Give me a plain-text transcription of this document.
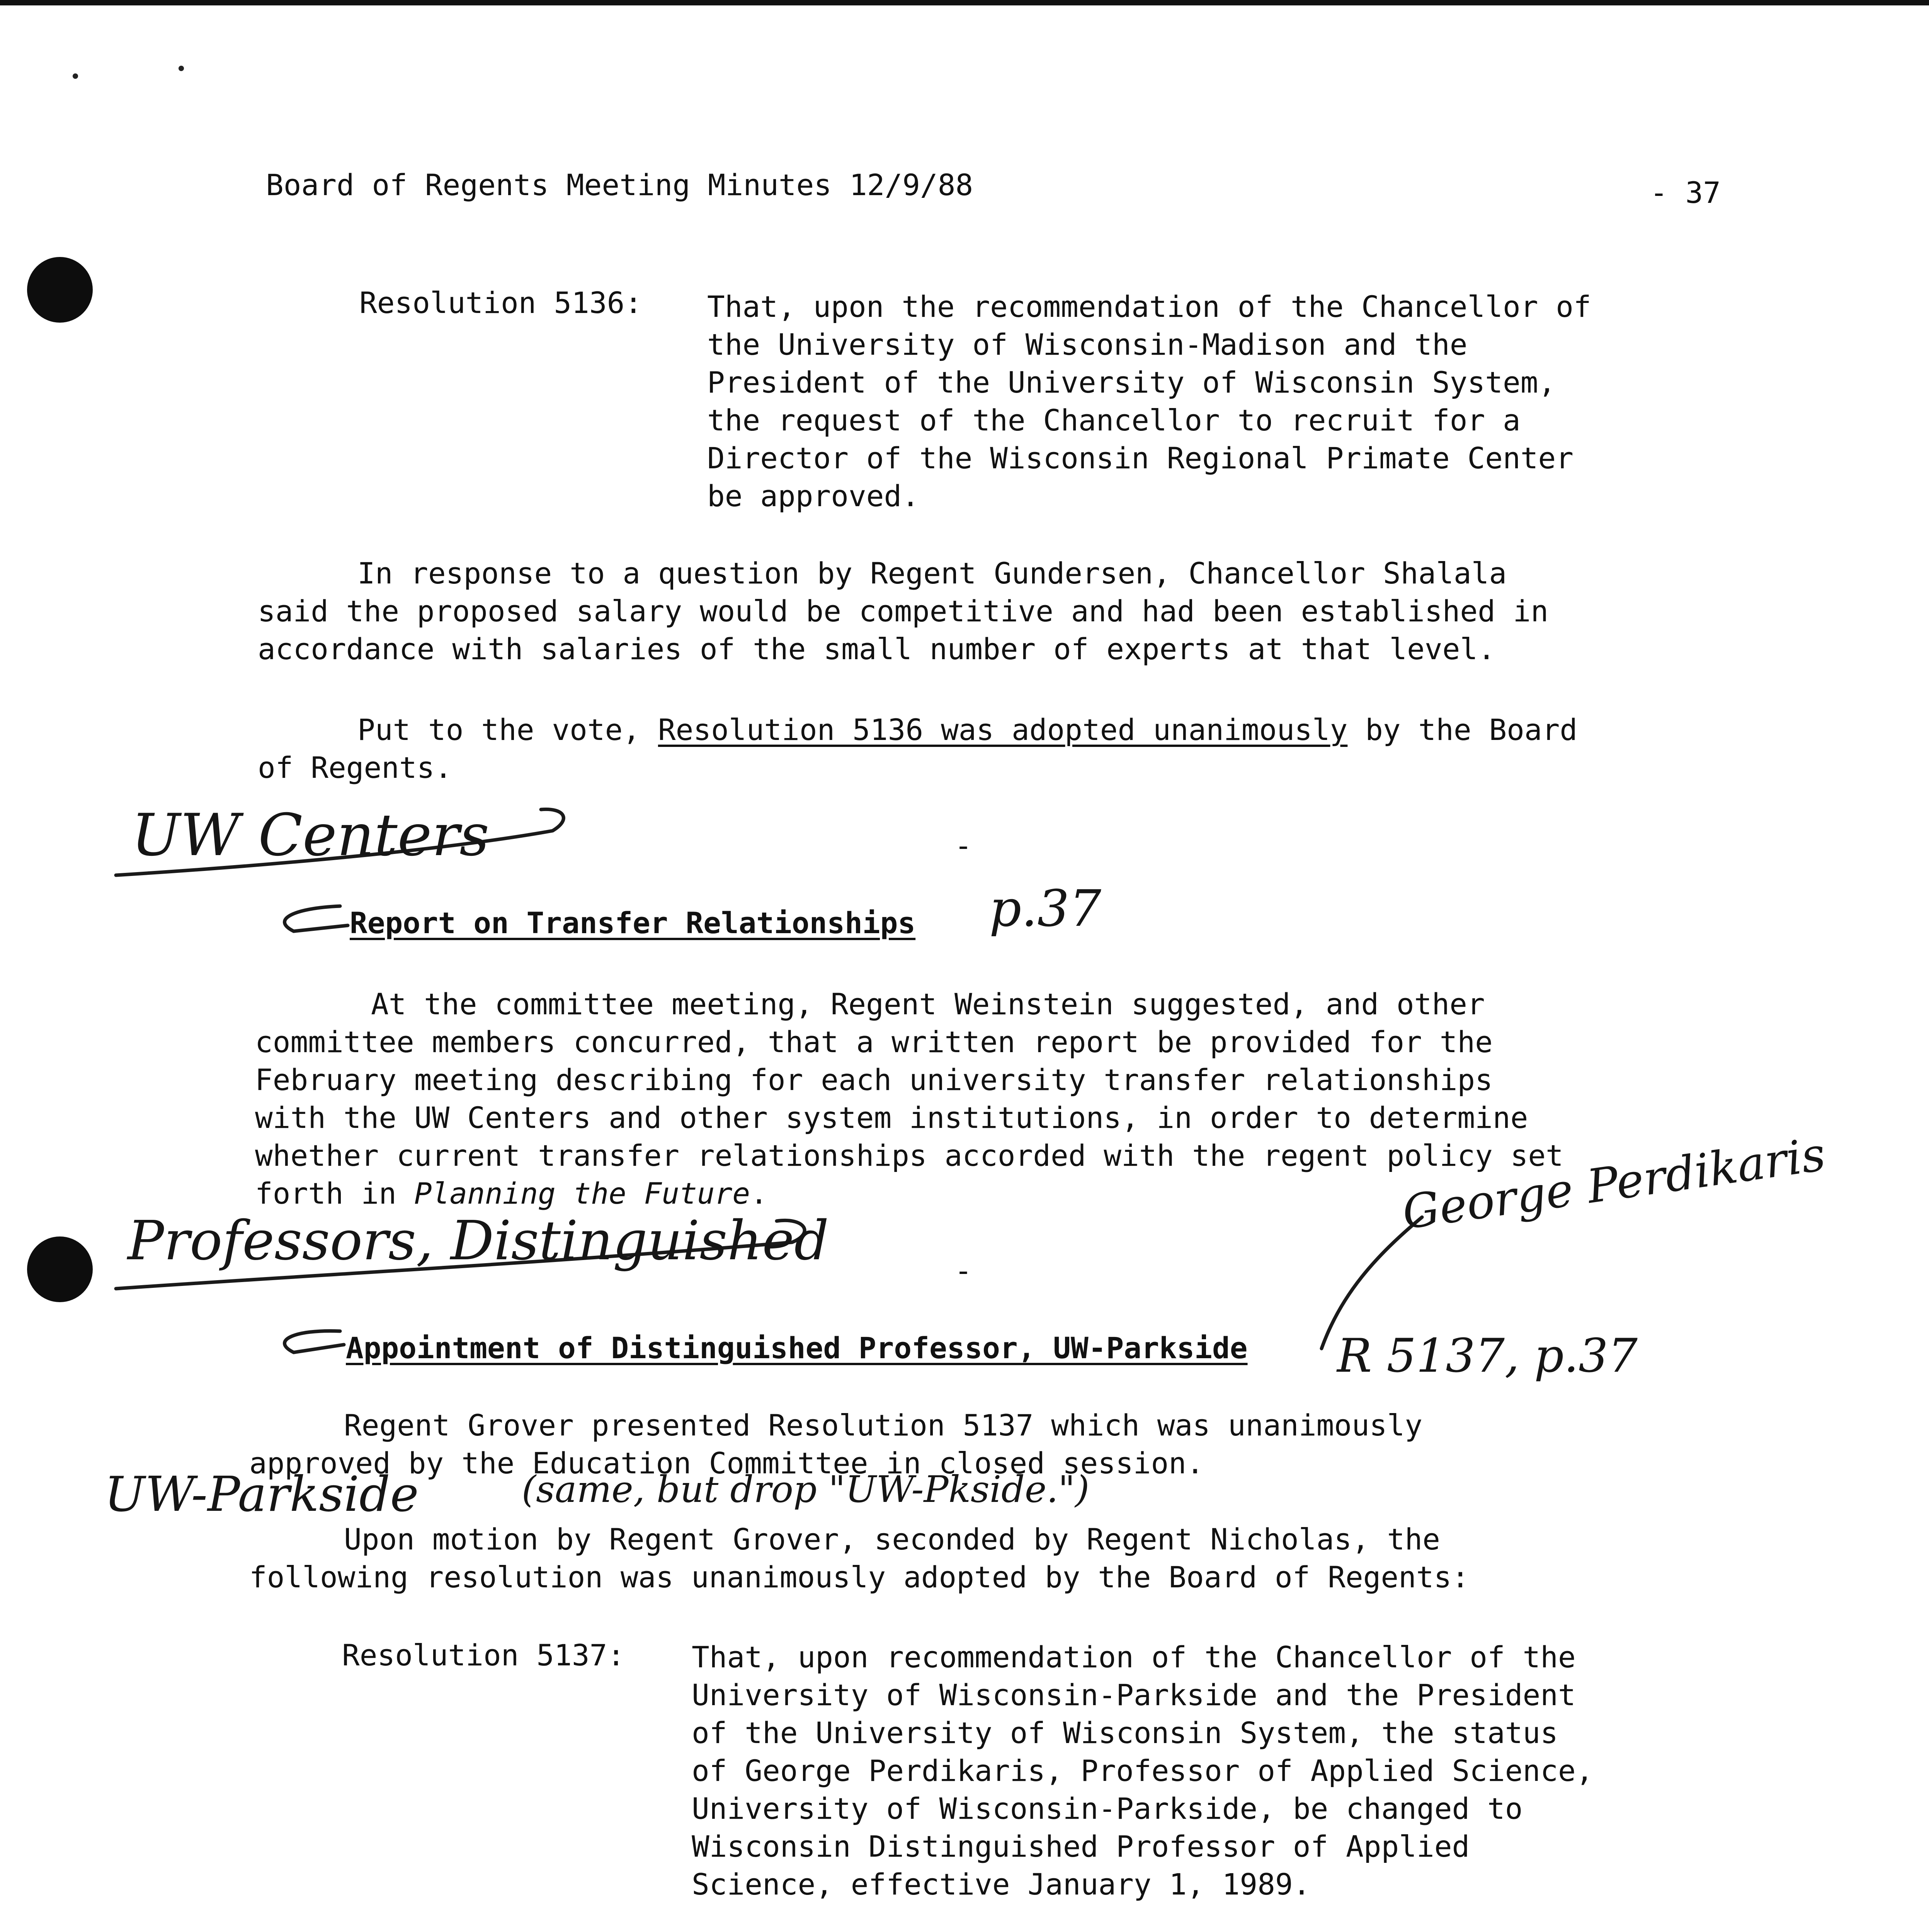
Board of Regents Meeting Minutes 12/9/88	- 37
Resolution 5136: That, upon the recommendation of the Chancellor of
the University of Wisconsin-Madison and the
President of the University of Wisconsin System,
the request of the Chancellor to recruit for a
Director of the Wisconsin Regional Primate Center
be approved.
In response to a question by Regent Gundersen, Chancellor Shalala
said the proposed salary would be competitive and had been established in
accordance with salaries of the small number of experts at that level.
Put to the vote, Resolution 5136 was adopted unanimously by the Board
of Regents.
-
Report on Transfer Relationships
At the committee meeting, Regent Weinstein suggested, and other
committee members concurred, that a written report be provided for the
February meeting describing for each university transfer relationships
with the UW Centers and other system institutions, in order to determine
whether current transfer relationships accorded with the regent policy set
forth in Planning the Future.
-
Appointment of Distinguished Professor, UW-Parkside
Regent Grover presented Resolution 5137 which was unanimously
approved by the Education Committee in closed session.
Upon motion by Regent Grover, seconded by Regent Nicholas, the
following resolution was unanimously adopted by the Board of Regents:
Resolution 5137: That, upon recommendation of the Chancellor of the
University of Wisconsin-Parkside and the President
of the University of Wisconsin System, the status
of George Perdikaris, Professor of Applied Science,
University of Wisconsin-Parkside, be changed to
Wisconsin Distinguished Professor of Applied
Science, effective January 1, 1989.
UW Centers
p.37
Professors, Distinguished
George Perdikaris
R 5137, p.37
UW-Parkside	(same, but drop "UW-Pkside.")
